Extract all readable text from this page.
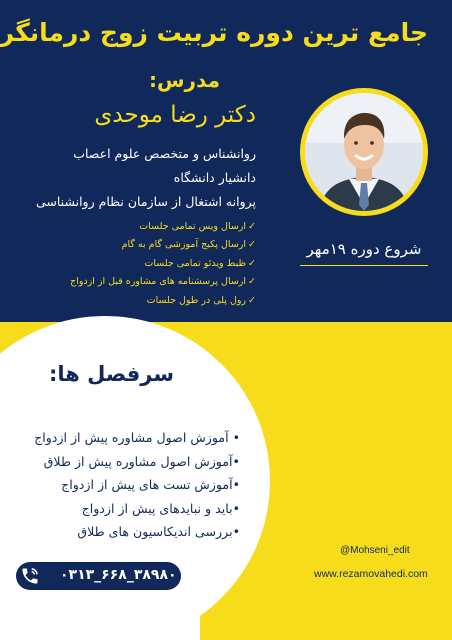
جامع ترین دوره تربیت زوج درمانگر
مدرس:
دکتر رضا موحدی
روانشناس و متخصص علوم اعصاب
دانشیار دانشگاه
پروانه اشتغال از سازمان نظام روانشناسی
✓ارسال ویس تمامی جلسات
✓ارسال پکیج آموزشی گام به گام
✓ظبط ویدئو تمامی جلسات
✓ارسال پرسشنامه های مشاوره قبل از ازدواج
✓رول پلی در طول جلسات
شروع دوره ۱۹مهر
سرفصل ها:
• آموزش اصول مشاوره پیش از ازدواج
•آموزش اصول مشاوره پیش از طلاق
•آموزش تست های پیش از ازدواج
•باید و نبایدهای پیش از ازدواج
•بررسی اندیکاسیون های طلاق
@Mohseni_edit
www.rezamovahedi.com
۰۳۱۳_۶۶۸_۳۸۹۸۰
